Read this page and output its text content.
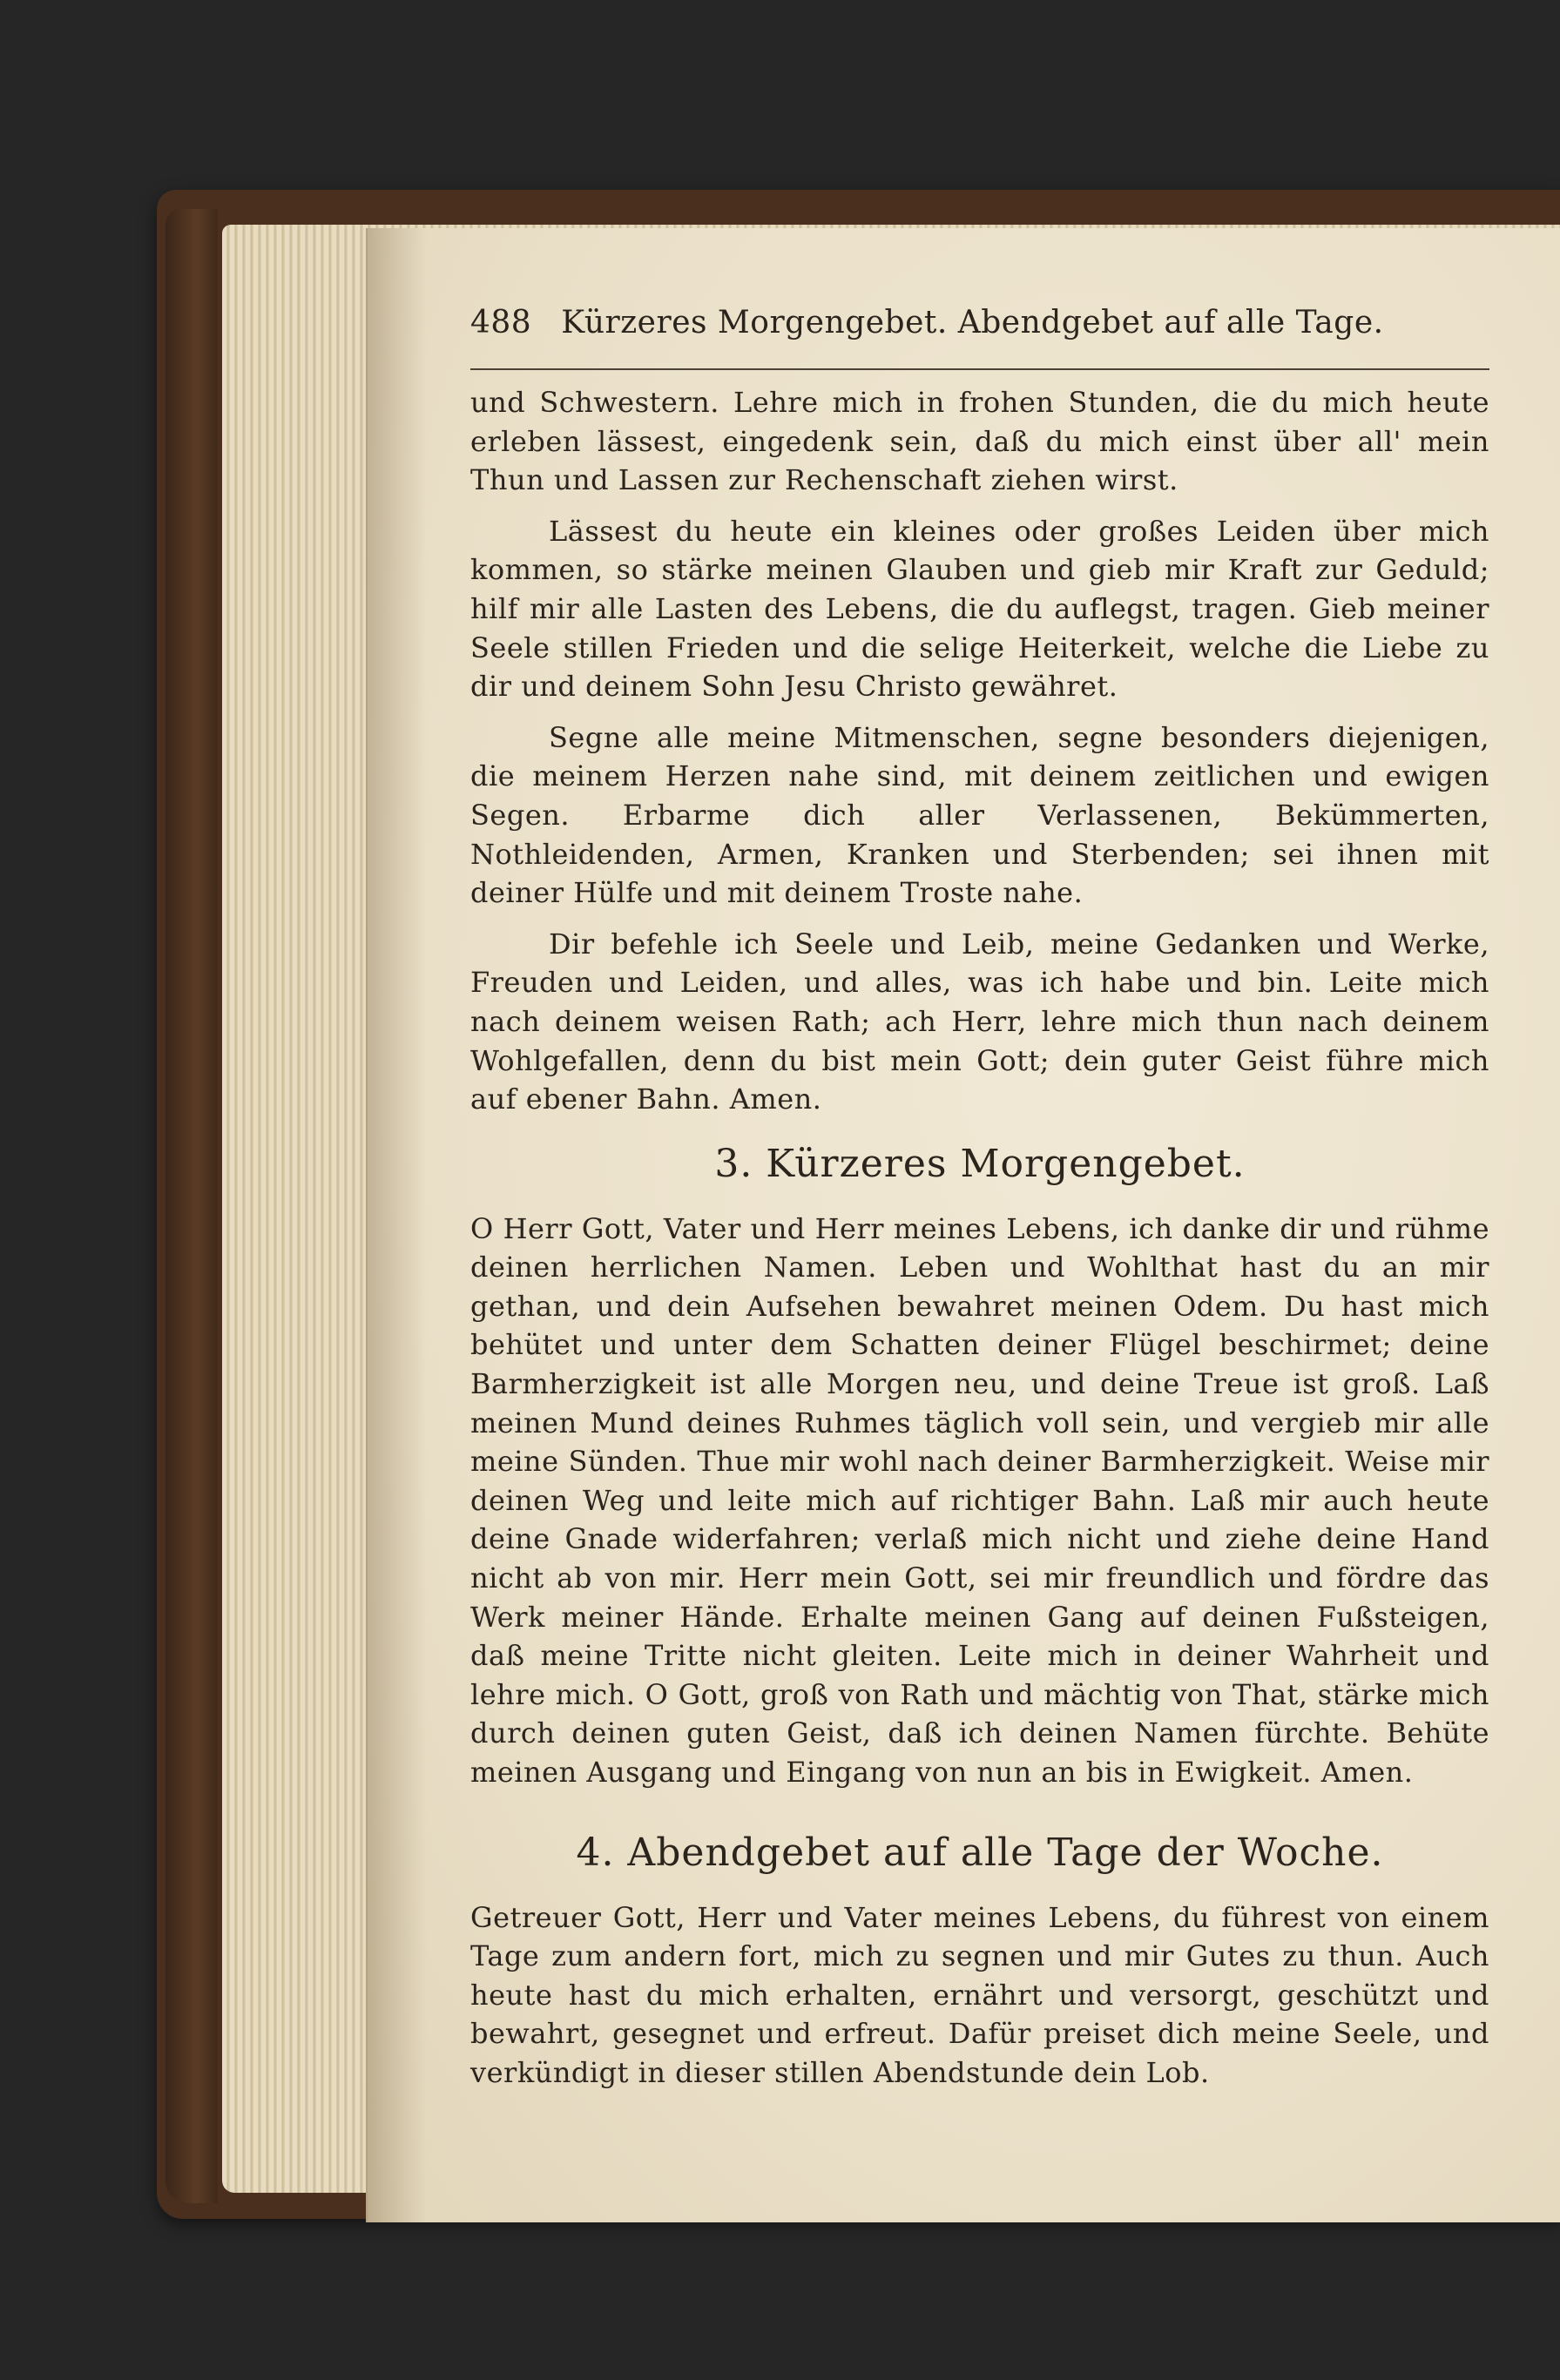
488 Kürzeres Morgengebet. Abendgebet auf alle Tage.

und Schwestern. Lehre mich in frohen Stunden, die du mich heute erleben lässest, eingedenk sein, daß du mich einst über all' mein Thun und Lassen zur Rechenschaft ziehen wirst.

Lässest du heute ein kleines oder großes Leiden über mich kommen, so stärke meinen Glauben und gieb mir Kraft zur Geduld; hilf mir alle Lasten des Lebens, die du auflegst, tragen. Gieb meiner Seele stillen Frieden und die selige Heiterkeit, welche die Liebe zu dir und deinem Sohn Jesu Christo gewähret.

Segne alle meine Mitmenschen, segne besonders diejenigen, die meinem Herzen nahe sind, mit deinem zeitlichen und ewigen Segen. Erbarme dich aller Verlassenen, Bekümmerten, Nothleidenden, Armen, Kranken und Sterbenden; sei ihnen mit deiner Hülfe und mit deinem Troste nahe.

Dir befehle ich Seele und Leib, meine Gedanken und Werke, Freuden und Leiden, und alles, was ich habe und bin. Leite mich nach deinem weisen Rath; ach Herr, lehre mich thun nach deinem Wohlgefallen, denn du bist mein Gott; dein guter Geist führe mich auf ebener Bahn. Amen.

3. Kürzeres Morgengebet.

O Herr Gott, Vater und Herr meines Lebens, ich danke dir und rühme deinen herrlichen Namen. Leben und Wohlthat hast du an mir gethan, und dein Aufsehen bewahret meinen Odem. Du hast mich behütet und unter dem Schatten deiner Flügel beschirmet; deine Barmherzigkeit ist alle Morgen neu, und deine Treue ist groß. Laß meinen Mund deines Ruhmes täglich voll sein, und vergieb mir alle meine Sünden. Thue mir wohl nach deiner Barmherzigkeit. Weise mir deinen Weg und leite mich auf richtiger Bahn. Laß mir auch heute deine Gnade widerfahren; verlaß mich nicht und ziehe deine Hand nicht ab von mir. Herr mein Gott, sei mir freundlich und fördre das Werk meiner Hände. Erhalte meinen Gang auf deinen Fußsteigen, daß meine Tritte nicht gleiten. Leite mich in deiner Wahrheit und lehre mich. O Gott, groß von Rath und mächtig von That, stärke mich durch deinen guten Geist, daß ich deinen Namen fürchte. Behüte meinen Ausgang und Eingang von nun an bis in Ewigkeit. Amen.

4. Abendgebet auf alle Tage der Woche.

Getreuer Gott, Herr und Vater meines Lebens, du führest von einem Tage zum andern fort, mich zu segnen und mir Gutes zu thun. Auch heute hast du mich erhalten, ernährt und versorgt, geschützt und bewahrt, gesegnet und erfreut. Dafür preiset dich meine Seele, und verkündigt in dieser stillen Abendstunde dein Lob.
